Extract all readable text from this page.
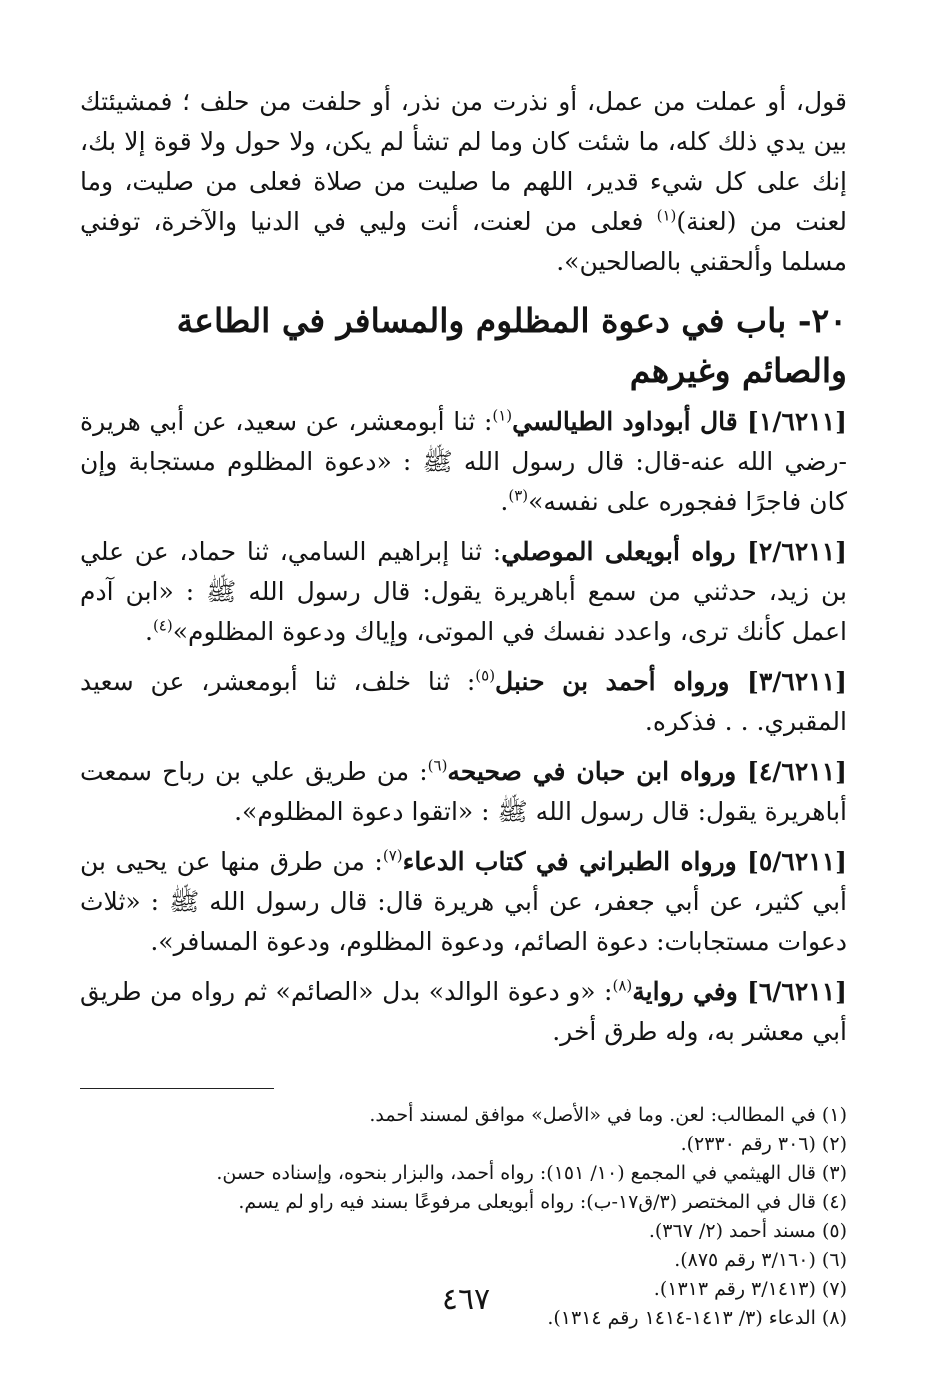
قول، أو عملت من عمل، أو نذرت من نذر، أو حلفت من حلف ؛ فمشيئتك بين يدي ذلك كله، ما شئت كان وما لم تشأ لم يكن، ولا حول ولا قوة إلا بك، إنك على كل شيء قدير، اللهم ما صليت من صلاة فعلى من صليت، وما لعنت من (لعنة)$^{(١)}$ فعلى من لعنت، أنت وليي في الدنيا والآخرة، توفني مسلما وألحقني بالصالحين».

٢٠- باب في دعوة المظلوم والمسافر في الطاعة والصائم وغيرهم

[١/٦٢١١] قال أبوداود الطيالسي$^{(١)}$: ثنا أبومعشر، عن سعيد، عن أبي هريرة -رضي الله عنه-قال: قال رسول الله ﷺ : «دعوة المظلوم مستجابة وإن كان فاجرًا ففجوره على نفسه»$^{(٣)}$.

[٢/٦٢١١] رواه أبويعلى الموصلي: ثنا إبراهيم السامي، ثنا حماد، عن علي بن زيد، حدثني من سمع أباهريرة يقول: قال رسول الله ﷺ : «ابن آدم اعمل كأنك ترى، واعدد نفسك في الموتى، وإياك ودعوة المظلوم»$^{(٤)}$.

[٣/٦٢١١] ورواه أحمد بن حنبل$^{(٥)}$: ثنا خلف، ثنا أبومعشر، عن سعيد المقبري. . . فذكره.

[٤/٦٢١١] ورواه ابن حبان في صحيحه$^{(٦)}$: من طريق علي بن رباح سمعت أباهريرة يقول: قال رسول الله ﷺ : «اتقوا دعوة المظلوم».

[٥/٦٢١١] ورواه الطبراني في كتاب الدعاء$^{(٧)}$: من طرق منها عن يحيى بن أبي كثير، عن أبي جعفر، عن أبي هريرة قال: قال رسول الله ﷺ : «ثلاث دعوات مستجابات: دعوة الصائم، ودعوة المظلوم، ودعوة المسافر».

[٦/٦٢١١] وفي رواية$^{(٨)}$: «و دعوة الوالد» بدل «الصائم» ثم رواه من طريق أبي معشر به، وله طرق أخر.

(١) في المطالب: لعن. وما في «الأصل» موافق لمسند أحمد.
(٢) (٣٠٦ رقم ٢٣٣٠).
(٣) قال الهيثمي في المجمع (١٠/ ١٥١): رواه أحمد، والبزار بنحوه، وإسناده حسن.
(٤) قال في المختصر (٣/ق١٧-ب): رواه أبويعلى مرفوعًا بسند فيه راو لم يسم.
(٥) مسند أحمد (٢/ ٣٦٧).
(٦) (٣/١٦٠ رقم ٨٧٥).
(٧) (٣/١٤١٣ رقم ١٣١٣).
(٨) الدعاء (٣/ ١٤١٣-١٤١٤ رقم ١٣١٤).
٤٦٧
